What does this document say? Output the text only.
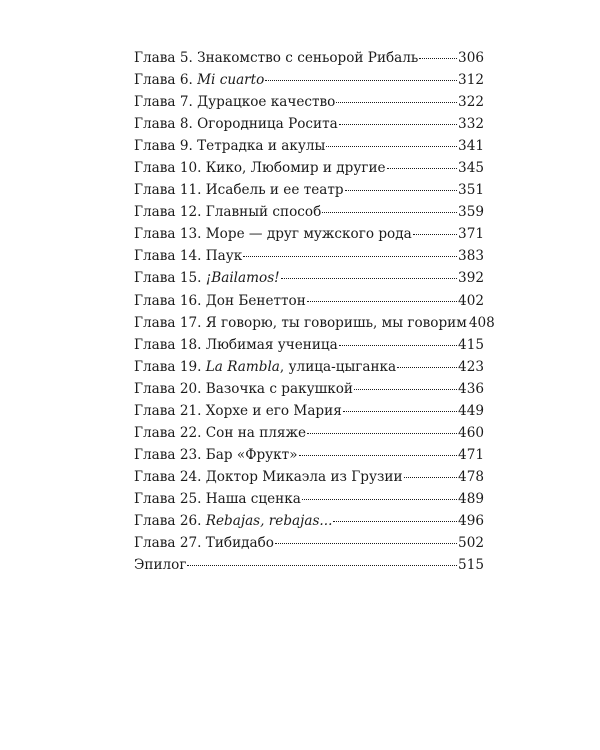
Глава 5. Знакомство с сеньорой Рибаль	306
Глава 6. Mi cuarto	312
Глава 7. Дурацкое качество	322
Глава 8. Огородница Росита	332
Глава 9. Тетрадка и акулы	341
Глава 10. Кико, Любомир и другие	345
Глава 11. Исабель и ее театр	351
Глава 12. Главный способ	359
Глава 13. Море — друг мужского рода	371
Глава 14. Паук	383
Глава 15. ¡Bailamos!	392
Глава 16. Дон Бенеттон	402
Глава 17. Я говорю, ты говоришь, мы говорим 408
Глава 18. Любимая ученица	415
Глава 19. La Rambla, улица-цыганка	423
Глава 20. Вазочка с ракушкой	436
Глава 21. Хорхе и его Мария	449
Глава 22. Сон на пляже	460
Глава 23. Бар «Фрукт»	471
Глава 24. Доктор Микаэла из Грузии	478
Глава 25. Наша сценка	489
Глава 26. Rebajas, rebajas...	496
Глава 27. Тибидабо	502
Эпилог	515
